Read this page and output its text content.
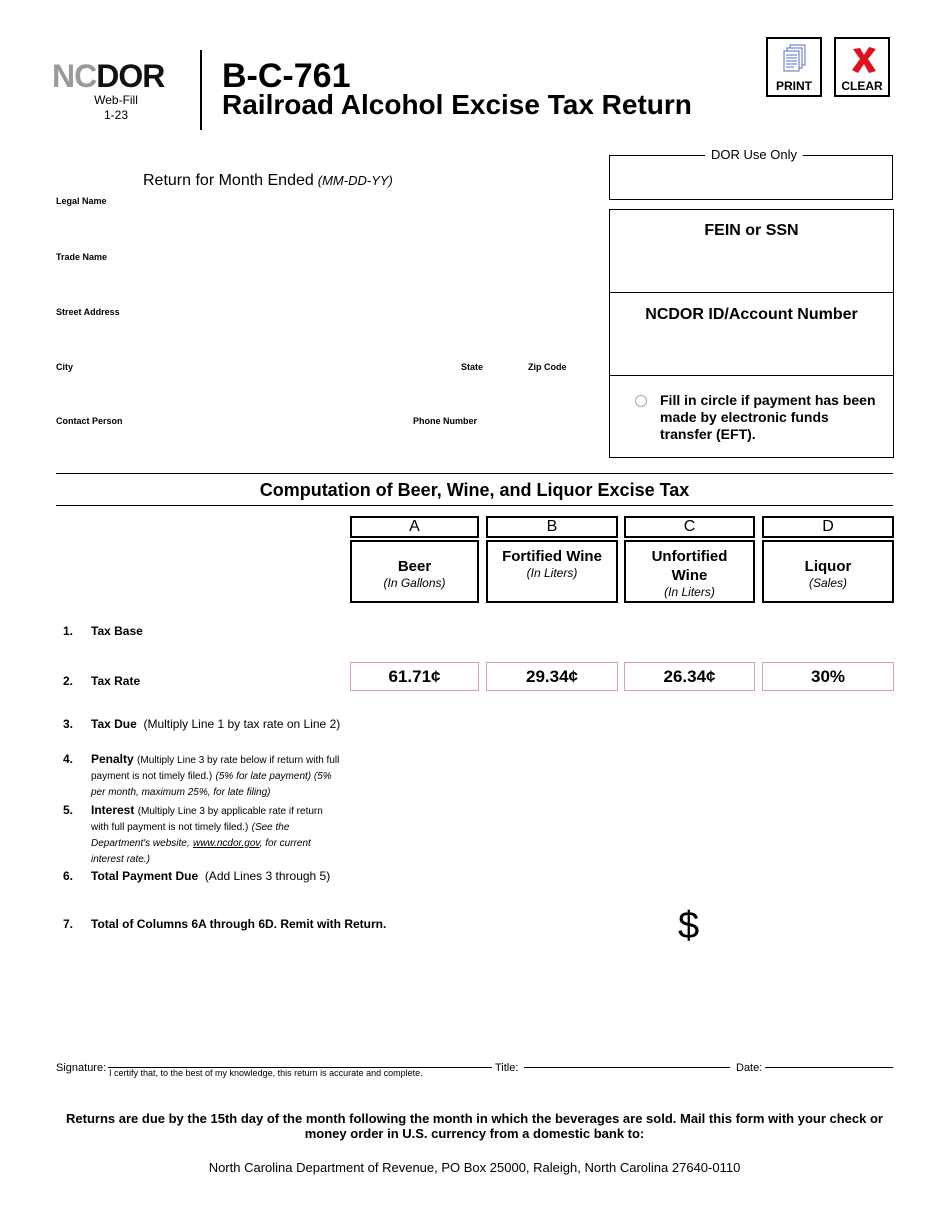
NCDOR
Web-Fill
1-23
B-C-761
Railroad Alcohol Excise Tax Return
PRINT	CLEAR
DOR Use Only
FEIN or SSN
NCDOR ID/Account Number
Fill in circle if payment has been made by electronic funds transfer (EFT).
Return for Month Ended (MM-DD-YY)
Legal Name
Trade Name
Street Address
City	State	Zip Code
Contact Person	Phone Number
Computation of Beer, Wine, and Liquor Excise Tax
A	B	C	D
Beer
(In Gallons)
Fortified Wine
(In Liters)
Unfortified Wine
(In Liters)
Liquor
(Sales)
1. Tax Base
2. Tax Rate	61.71¢	29.34¢	26.34¢	30%
3. Tax Due (Multiply Line 1 by tax rate on Line 2)
4. Penalty (Multiply Line 3 by rate below if return with full payment is not timely filed.) (5% for late payment) (5% per month, maximum 25%, for late filing)
5. Interest (Multiply Line 3 by applicable rate if return with full payment is not timely filed.) (See the Department's website, www.ncdor.gov, for current interest rate.)
6. Total Payment Due (Add Lines 3 through 5)
7. Total of Columns 6A through 6D. Remit with Return.	$
Signature:	Title:	Date:
I certify that, to the best of my knowledge, this return is accurate and complete.
Returns are due by the 15th day of the month following the month in which the beverages are sold. Mail this form with your check or money order in U.S. currency from a domestic bank to:
North Carolina Department of Revenue, PO Box 25000, Raleigh, North Carolina 27640-0110
